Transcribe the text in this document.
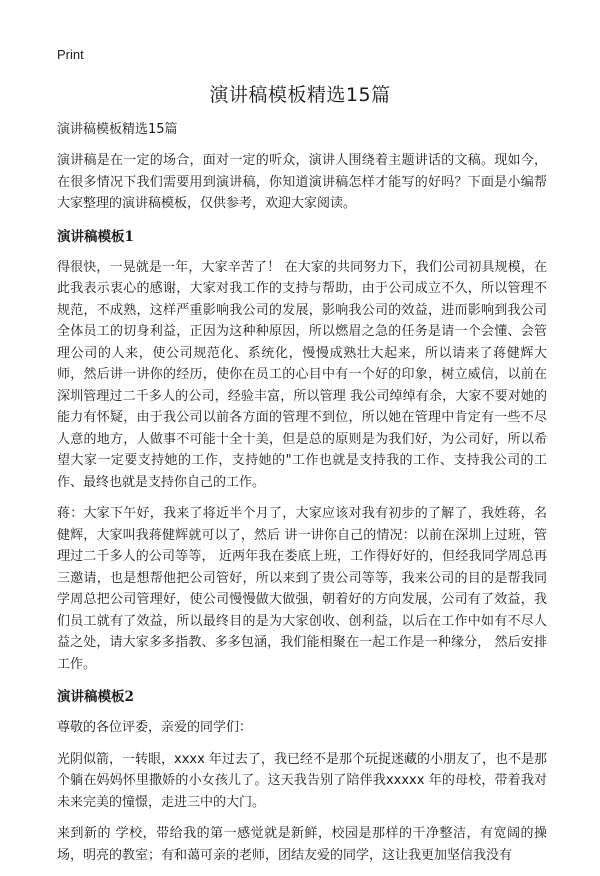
Print
演讲稿模板精选15篇

演讲稿模板精选15篇

演讲稿是在一定的场合，面对一定的听众，演讲人围绕着主题讲话的文稿。现如今，在很多情况下我们需要用到演讲稿，你知道演讲稿怎样才能写的好吗？下面是小编帮大家整理的演讲稿模板，仅供参考，欢迎大家阅读。

演讲稿模板1

得很快，一晃就是一年，大家辛苦了！ 在大家的共同努力下，我们公司初具规模，在此我表示衷心的感谢，大家对我工作的支持与帮助，由于公司成立不久，所以管理不规范，不成熟，这样严重影响我公司的发展，影响我公司的效益，进而影响到我公司全体员工的切身利益，正因为这种种原因，所以燃眉之急的任务是请一个会懂、会管理公司的人来，使公司规范化、系统化，慢慢成熟壮大起来，所以请来了蒋健辉大师，然后讲一讲你的经历，使你在员工的心目中有一个好的印象，树立威信，以前在深圳管理过二千多人的公司，经验丰富，所以管理 我公司绰绰有余，大家不要对她的能力有怀疑，由于我公司以前各方面的管理不到位，所以她在管理中肯定有一些不尽人意的地方，人做事不可能十全十美，但是总的原则是为我们好，为公司好，所以希望大家一定要支持她的工作，支持她的"工作也就是支持我的工作、支持我公司的工作、最终也就是支持你自己的工作。

蒋：大家下午好，我来了将近半个月了，大家应该对我有初步的了解了，我姓蒋，名健辉，大家叫我蒋健辉就可以了，然后 讲一讲你自己的情况：以前在深圳上过班，管理过二千多人的公司等等， 近两年我在娄底上班，工作得好好的，但经我同学周总再三邀请，也是想帮他把公司管好，所以来到了贵公司等等，我来公司的目的是帮我同学周总把公司管理好，使公司慢慢做大做强，朝着好的方向发展，公司有了效益，我们员工就有了效益，所以最终目的是为大家创收、创利益，以后在工作中如有不尽人益之处，请大家多多指教、多多包涵，我们能相聚在一起工作是一种缘分， 然后安排工作。

演讲稿模板2

尊敬的各位评委，亲爱的同学们：

光阴似箭，一转眼，xxxx 年过去了，我已经不是那个玩捉迷藏的小朋友了，也不是那个躺在妈妈怀里撒娇的小女孩儿了。这天我告别了陪伴我xxxxx 年的母校，带着我对未来完美的憧憬，走进三中的大门。

来到新的 学校，带给我的第一感觉就是新鲜，校园是那样的干净整洁，有宽阔的操场，明亮的教室；有和蔼可亲的老师，团结友爱的同学，这让我更加坚信我没有
